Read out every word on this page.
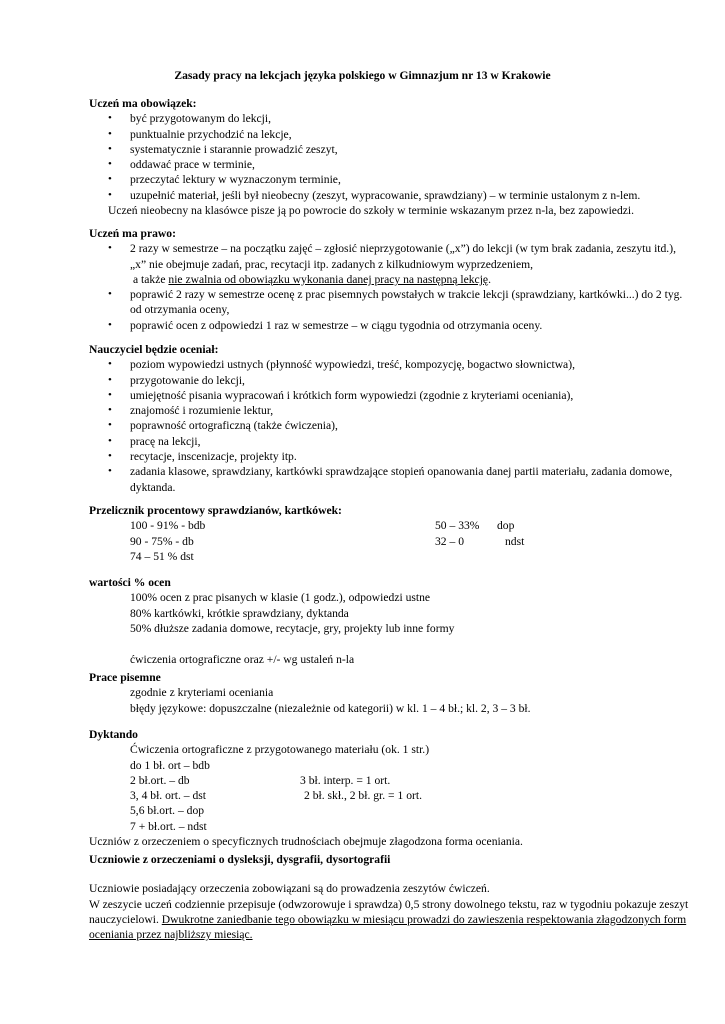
Zasady pracy na lekcjach języka polskiego w Gimnazjum nr 13 w Krakowie
Uczeń ma obowiązek:
• być przygotowanym do lekcji,
• punktualnie przychodzić na lekcje,
• systematycznie i starannie prowadzić zeszyt,
• oddawać prace w terminie,
• przeczytać lektury w wyznaczonym terminie,
• uzupełnić materiał, jeśli był nieobecny (zeszyt, wypracowanie, sprawdziany) – w terminie ustalonym z n-lem.
Uczeń nieobecny na klasówce pisze ją po powrocie do szkoły w terminie wskazanym przez n-la, bez zapowiedzi.
Uczeń ma prawo:
• 2 razy w semestrze – na początku zajęć – zgłosić nieprzygotowanie („x”) do lekcji (w tym brak zadania, zeszytu itd.), „x” nie obejmuje zadań, prac, recytacji itp. zadanych z kilkudniowym wyprzedzeniem,
a także nie zwalnia od obowiązku wykonania danej pracy na następną lekcję.
• poprawić 2 razy w semestrze ocenę z prac pisemnych powstałych w trakcie lekcji (sprawdziany, kartkówki...) do 2 tyg. od otrzymania oceny,
• poprawić ocen z odpowiedzi 1 raz w semestrze – w ciągu tygodnia od otrzymania oceny.
Nauczyciel będzie oceniał:
• poziom wypowiedzi ustnych (płynność wypowiedzi, treść, kompozycję, bogactwo słownictwa),
• przygotowanie do lekcji,
• umiejętność pisania wypracowań i krótkich form wypowiedzi (zgodnie z kryteriami oceniania),
• znajomość i rozumienie lektur,
• poprawność ortograficzną (także ćwiczenia),
• pracę na lekcji,
• recytacje, inscenizacje, projekty itp.
• zadania klasowe, sprawdziany, kartkówki sprawdzające stopień opanowania danej partii materiału, zadania domowe, dyktanda.
Przelicznik procentowy sprawdzianów, kartkówek:
100 - 91% - bdb	50 – 33% dop
90 - 75% - db	32 – 0	ndst
74 – 51 % dst
wartości % ocen
100% ocen z prac pisanych w klasie (1 godz.), odpowiedzi ustne
80% kartkówki, krótkie sprawdziany, dyktanda
50% dłuższe zadania domowe, recytacje, gry, projekty lub inne formy
ćwiczenia ortograficzne oraz +/- wg ustaleń n-la
Prace pisemne
zgodnie z kryteriami oceniania
błędy językowe: dopuszczalne (niezależnie od kategorii) w kl. 1 – 4 bł.; kl. 2, 3 – 3 bł.
Dyktando
Ćwiczenia ortograficzne z przygotowanego materiału (ok. 1 str.)
do 1 bł. ort – bdb
2 bł.ort. – db	3 bł. interp. = 1 ort.
3, 4 bł. ort. – dst	2 bł. skł., 2 bł. gr. = 1 ort.
5,6 bł.ort. – dop
7 + bł.ort. – ndst
Uczniów z orzeczeniem o specyficznych trudnościach obejmuje złagodzona forma oceniania.
Uczniowie z orzeczeniami o dysleksji, dysgrafii, dysortografii
Uczniowie posiadający orzeczenia zobowiązani są do prowadzenia zeszytów ćwiczeń.
W zeszycie uczeń codziennie przepisuje (odwzorowuje i sprawdza) 0,5 strony dowolnego tekstu, raz w tygodniu pokazuje zeszyt nauczycielowi. Dwukrotne zaniedbanie tego obowiązku w miesiącu prowadzi do zawieszenia respektowania złagodzonych form oceniania przez najbliższy miesiąc.
